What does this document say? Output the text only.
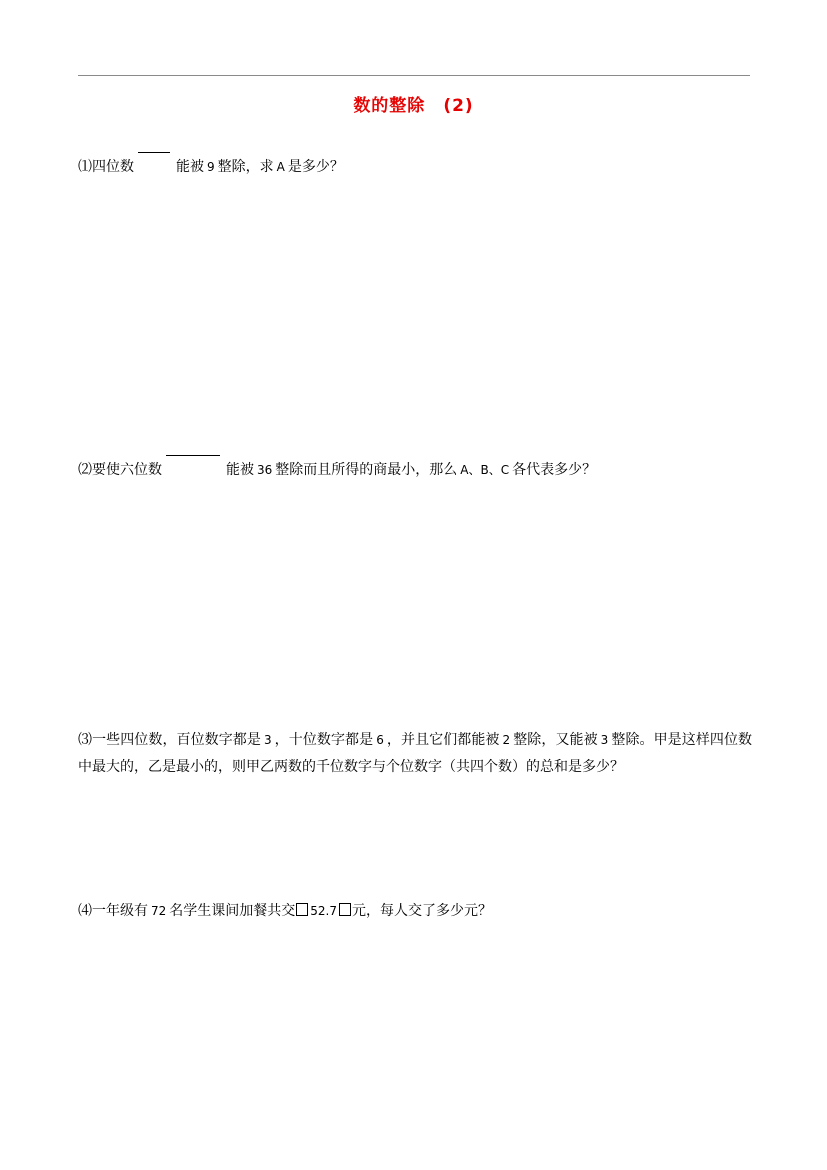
数的整除 (2)
⑴四位数	能被 9 整除，求 A 是多少？
⑵要使六位数	能被 36 整除而且所得的商最小，那么 A、B、C 各代表多少？
⑶一些四位数，百位数字都是 3 ，十位数字都是 6 ，并且它们都能被 2 整除，又能被 3 整除。甲是这样四位数中最大的，乙是最小的，则甲乙两数的千位数字与个位数字（共四个数）的总和是多少？
⑷一年级有 72 名学生课间加餐共交 52.7 元，每人交了多少元？
